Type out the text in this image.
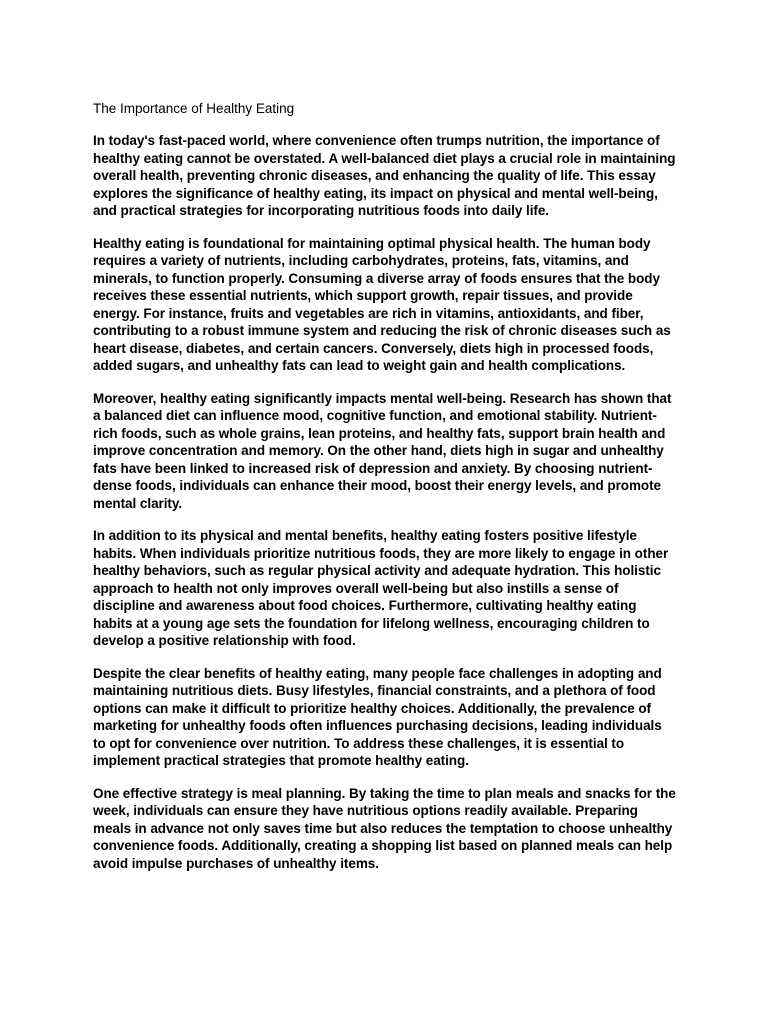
The Importance of Healthy Eating

In today's fast-paced world, where convenience often trumps nutrition, the importance of healthy eating cannot be overstated. A well-balanced diet plays a crucial role in maintaining overall health, preventing chronic diseases, and enhancing the quality of life. This essay explores the significance of healthy eating, its impact on physical and mental well-being, and practical strategies for incorporating nutritious foods into daily life.

Healthy eating is foundational for maintaining optimal physical health. The human body requires a variety of nutrients, including carbohydrates, proteins, fats, vitamins, and minerals, to function properly. Consuming a diverse array of foods ensures that the body receives these essential nutrients, which support growth, repair tissues, and provide energy. For instance, fruits and vegetables are rich in vitamins, antioxidants, and fiber, contributing to a robust immune system and reducing the risk of chronic diseases such as heart disease, diabetes, and certain cancers. Conversely, diets high in processed foods, added sugars, and unhealthy fats can lead to weight gain and health complications.

Moreover, healthy eating significantly impacts mental well-being. Research has shown that a balanced diet can influence mood, cognitive function, and emotional stability. Nutrient-rich foods, such as whole grains, lean proteins, and healthy fats, support brain health and improve concentration and memory. On the other hand, diets high in sugar and unhealthy fats have been linked to increased risk of depression and anxiety. By choosing nutrient-dense foods, individuals can enhance their mood, boost their energy levels, and promote mental clarity.

In addition to its physical and mental benefits, healthy eating fosters positive lifestyle habits. When individuals prioritize nutritious foods, they are more likely to engage in other healthy behaviors, such as regular physical activity and adequate hydration. This holistic approach to health not only improves overall well-being but also instills a sense of discipline and awareness about food choices. Furthermore, cultivating healthy eating habits at a young age sets the foundation for lifelong wellness, encouraging children to develop a positive relationship with food.

Despite the clear benefits of healthy eating, many people face challenges in adopting and maintaining nutritious diets. Busy lifestyles, financial constraints, and a plethora of food options can make it difficult to prioritize healthy choices. Additionally, the prevalence of marketing for unhealthy foods often influences purchasing decisions, leading individuals to opt for convenience over nutrition. To address these challenges, it is essential to implement practical strategies that promote healthy eating.

One effective strategy is meal planning. By taking the time to plan meals and snacks for the week, individuals can ensure they have nutritious options readily available. Preparing meals in advance not only saves time but also reduces the temptation to choose unhealthy convenience foods. Additionally, creating a shopping list based on planned meals can help avoid impulse purchases of unhealthy items.
